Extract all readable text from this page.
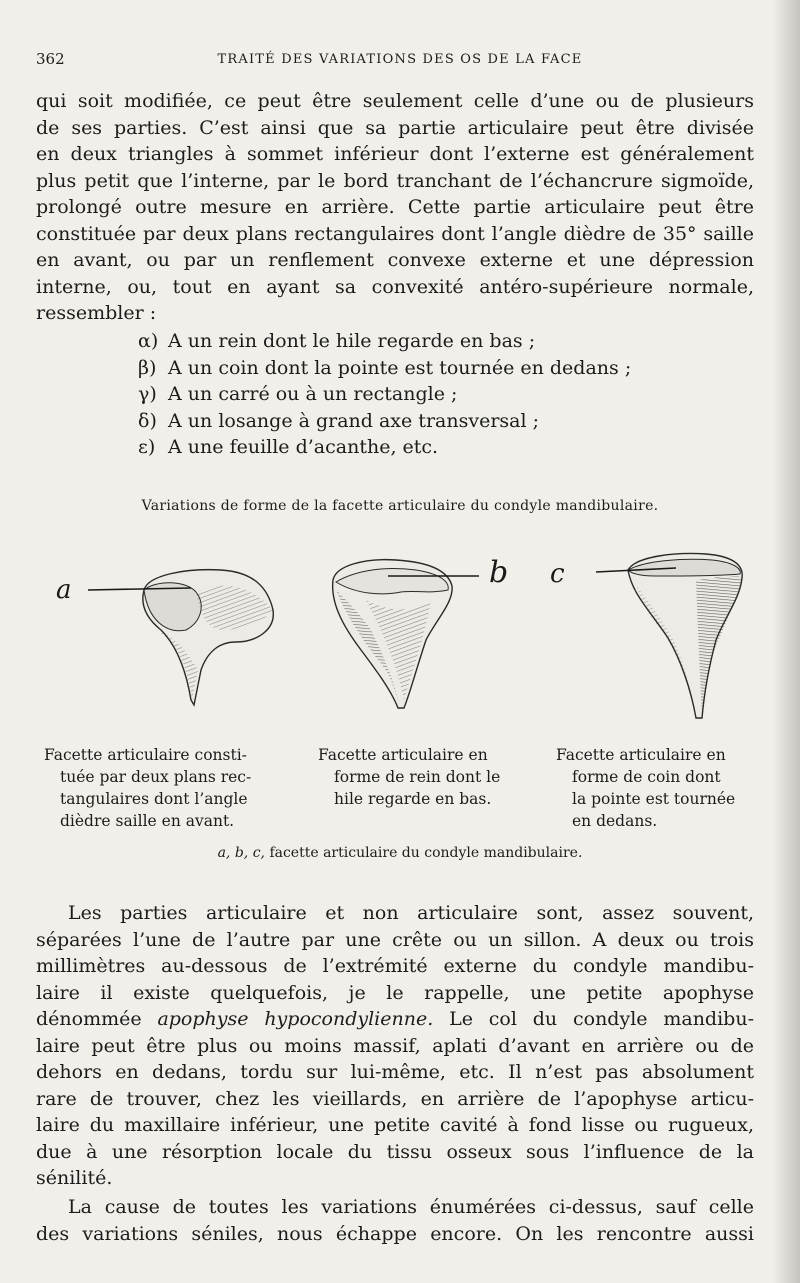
362	TRAITÉ DES VARIATIONS DES OS DE LA FACE

qui soit modifiée, ce peut être seulement celle d’une ou de plusieurs
de ses parties. C’est ainsi que sa partie articulaire peut être divisée
en deux triangles à sommet inférieur dont l’externe est généralement
plus petit que l’interne, par le bord tranchant de l’échancrure sigmoïde,
prolongé outre mesure en arrière. Cette partie articulaire peut être
constituée par deux plans rectangulaires dont l’angle dièdre de 35° saille
en avant, ou par un renflement convexe externe et une dépression
interne, ou, tout en ayant sa convexité antéro-supérieure normale,
ressembler :

α) A un rein dont le hile regarde en bas ;
β) A un coin dont la pointe est tournée en dedans ;
γ) A un carré ou à un rectangle ;
δ) A un losange à grand axe transversal ;
ε) A une feuille d’acanthe, etc.
Variations de forme de la facette articulaire du condyle mandibulaire.
a	b c
Facette articulaire consti-
tuée par deux plans rec-
tangulaires dont l’angle
dièdre saille en avant.
Facette articulaire en
forme de rein dont le
hile regarde en bas.
Facette articulaire en
forme de coin dont
la pointe est tournée
en dedans.
a, b, c, facette articulaire du condyle mandibulaire.

Les parties articulaire et non articulaire sont, assez souvent,
séparées l’une de l’autre par une crête ou un sillon. A deux ou trois
millimètres au-dessous de l’extrémité externe du condyle mandibu-
laire il existe quelquefois, je le rappelle, une petite apophyse
dénommée apophyse hypocondylienne. Le col du condyle mandibu-
laire peut être plus ou moins massif, aplati d’avant en arrière ou de
dehors en dedans, tordu sur lui-même, etc. Il n’est pas absolument
rare de trouver, chez les vieillards, en arrière de l’apophyse articu-
laire du maxillaire inférieur, une petite cavité à fond lisse ou rugueux,
due à une résorption locale du tissu osseux sous l’influence de la
sénilité.

La cause de toutes les variations énumérées ci-dessus, sauf celle
des variations séniles, nous échappe encore. On les rencontre aussi
